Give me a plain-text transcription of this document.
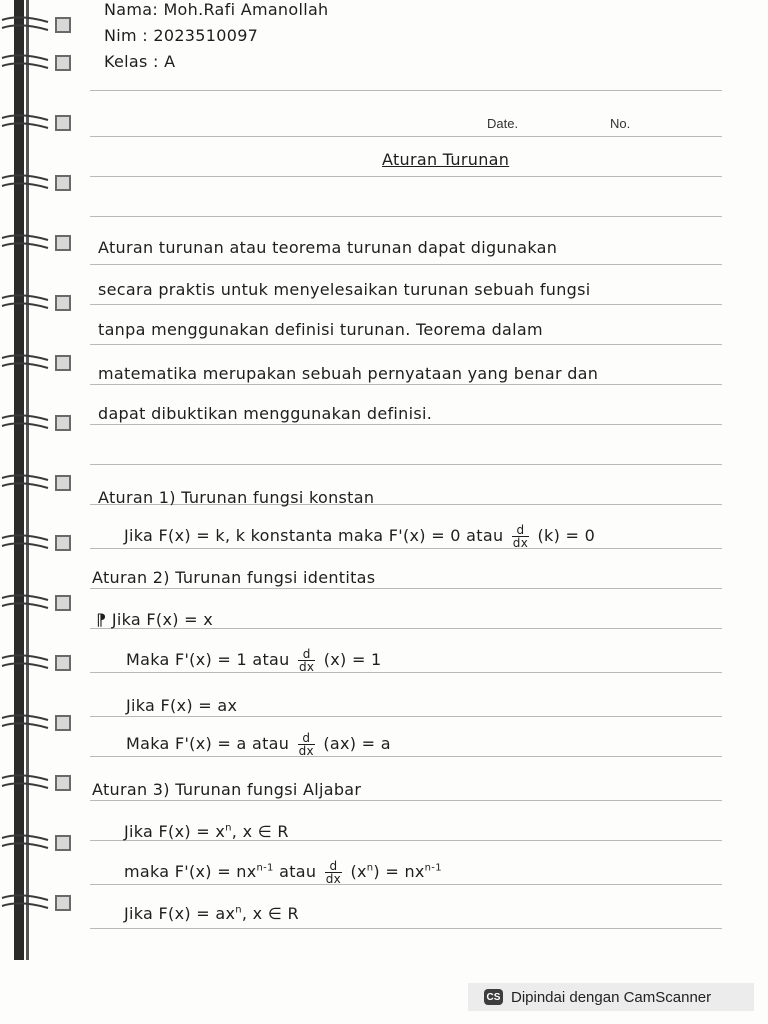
Nama: Moh.Rafi Amanollah
Nim : 2023510097
Kelas : A
Date.	No.
Aturan Turunan
Aturan turunan atau teorema turunan dapat digunakan
secara praktis untuk menyelesaikan turunan sebuah fungsi
tanpa menggunakan definisi turunan. Teorema dalam
matematika merupakan sebuah pernyataan yang benar dan
dapat dibuktikan menggunakan definisi.
Aturan 1) Turunan fungsi konstan
Jika F(x) = k, k konstanta maka F'(x) = 0 atau $\frac{d}{dx} (k) = 0$
Aturan 2) Turunan fungsi identitas
⁋ Jika F(x) = x
Maka F'(x) = 1 atau $\frac{d}{dx} (x) = 1$
Jika F(x) = ax
Maka F'(x) = a atau $\frac{d}{dx} (ax) = a$
Aturan 3) Turunan fungsi Aljabar
Jika $F(x) = x^n$, x ∈ R
maka $F'(x) = nx^{n-1}$ atau $\frac{d}{dx} (x^n) = nx^{n-1}$
Jika $F(x) = ax^n$, x ∈ R
CS Dipindai dengan CamScanner
